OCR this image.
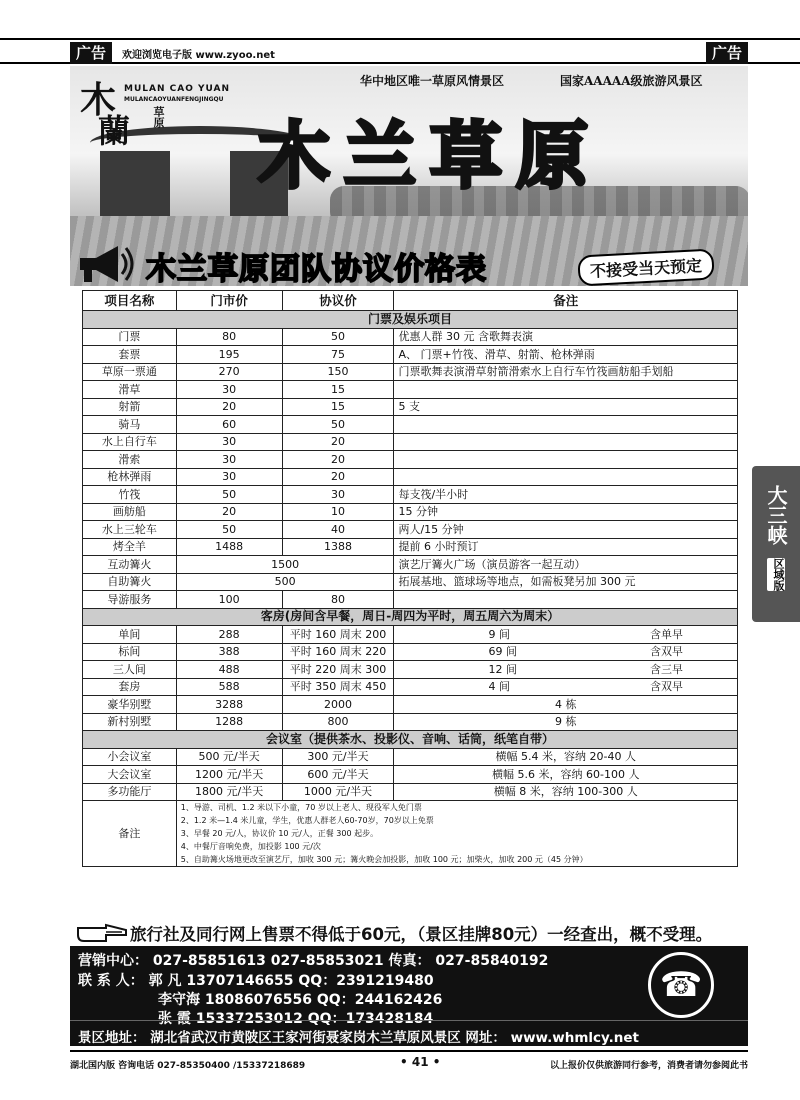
广告	欢迎浏览电子版 www.zyoo.net	广告
木
蘭
MULAN CAO YUAN
MULANCAOYUANFENGJINGQU
草原
华中地区唯一草原风情景区	国家AAAAA级旅游风景区
木兰草原
木兰草原团队协议价格表	不接受当天预定
项目名称	门市价	协议价	备注
门票及娱乐项目			
门票	80	50	优惠人群 30 元 含歌舞表演
套票	195	75	A、 门票+竹筏、滑草、射箭、枪林弹雨
草原一票通	270	150	门票歌舞表演滑草射箭滑索水上自行车竹筏画舫船手划船
滑草	30	15	
射箭	20	15	5 支
骑马	60	50	
水上自行车	30	20	
滑索	30	20	
枪林弹雨	30	20	
竹筏	50	30	每支筏/半小时
画舫船	20	10	15 分钟
水上三轮车	50	40	两人/15 分钟
烤全羊	1488	1388	提前 6 小时预订
互动篝火	1500		演艺厅篝火广场（演员游客一起互动）
自助篝火	500		拓展基地、篮球场等地点，如需板凳另加 300 元
导游服务	100	80	
客房(房间含早餐，周日-周四为平时，周五周六为周末）			
单间	288	平时 160 周末 200	9 间 含单早

标间	388	平时 160 周末 220	69 间 含双早

三人间	488	平时 220 周末 300	12 间 含三早

套房	588	平时 350 周末 450	4 间 含双早

豪华别墅	3288	2000	4 栋
新村别墅	1288	800	9 栋
会议室（提供茶水、投影仪、音响、话筒，纸笔自带）			
小会议室	500 元/半天	300 元/半天	横幅 5.4 米，容纳 20-40 人
大会议室	1200 元/半天	600 元/半天	横幅 5.6 米，容纳 60-100 人
多功能厅	1800 元/半天	1000 元/半天	横幅 8 米，容纳 100-300 人
备注	1、导游、司机、1.2 米以下小童，70 岁以上老人、现役军人免门票
2、1.2 米—1.4 米儿童，学生，优惠人群老人60-70岁，70岁以上免票
3、早餐 20 元/人，协议价 10 元/人，正餐 300 起步。
4、中餐厅音响免费，加投影 100 元/次
5、自助篝火场地更改至演艺厅，加收 300 元；篝火晚会加投影，加收 100 元；加柴火，加收 200 元（45 分钟）		
大三峡
区域版
旅行社及同行网上售票不得低于60元，（景区挂牌80元）一经查出，概不受理。
营销中心： 027-85851613 027-85853021 传真： 027-85840192
联 系 人： 郭 凡 13707146655 QQ：2391219480
李守海 18086076556 QQ：244162426
张 霞 15337253012 QQ：173428184
☎
景区地址： 湖北省武汉市黄陂区王家河街聂家岗木兰草原风景区 网址： www.whmlcy.net
湖北国内版 咨询电话 027-85350400 /15337218689	• 41 •	以上报价仅供旅游同行参考，消费者请勿参阅此书
